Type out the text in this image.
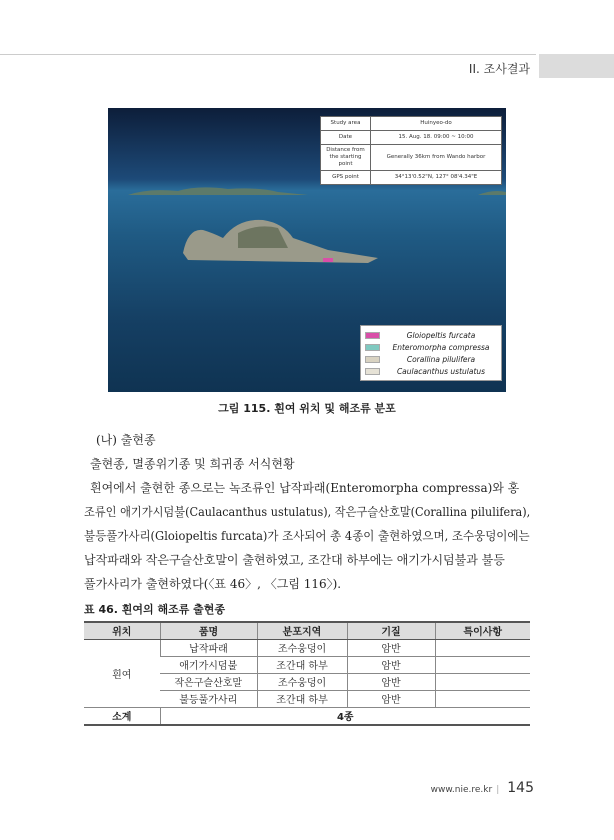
II. 조사결과
Study area	Huinyeo-do
Date	15. Aug. 18. 09:00 ~ 10:00
Distance from the starting point	Generally 36km from Wando harbor
GPS point	34°13'0.52"N, 127° 08'4.34"E
Gloiopeltis furcata
Enteromorpha compressa
Corallina pilulifera
Caulacanthus ustulatus
그림 115. 흰여 위치 및 해조류 분포

(나) 출현종

출현종, 멸종위기종 및 희귀종 서식현황

흰여에서 출현한 종으로는 녹조류인 납작파래(Enteromorpha compressa)와 홍

조류인 애기가시덤불(Caulacanthus ustulatus), 작은구슬산호말(Corallina pilulifera),

불등풀가사리(Gloiopeltis furcata)가 조사되어 총 4종이 출현하였으며, 조수웅덩이에는

납작파래와 작은구슬산호말이 출현하였고, 조간대 하부에는 애기가시덤불과 불등

풀가사리가 출현하였다(〈표 46〉, 〈그림 116〉).

표 46. 흰여의 해조류 출현종
위치	품명	분포지역	기질	특이사항
흰여	납작파래	조수웅덩이	암반	
	애기가시덤불	조간대 하부	암반	
	작은구슬산호말	조수웅덩이	암반	
	불등풀가사리	조간대 하부	암반	
소계	4종			
www.nie.re.kr | 145
